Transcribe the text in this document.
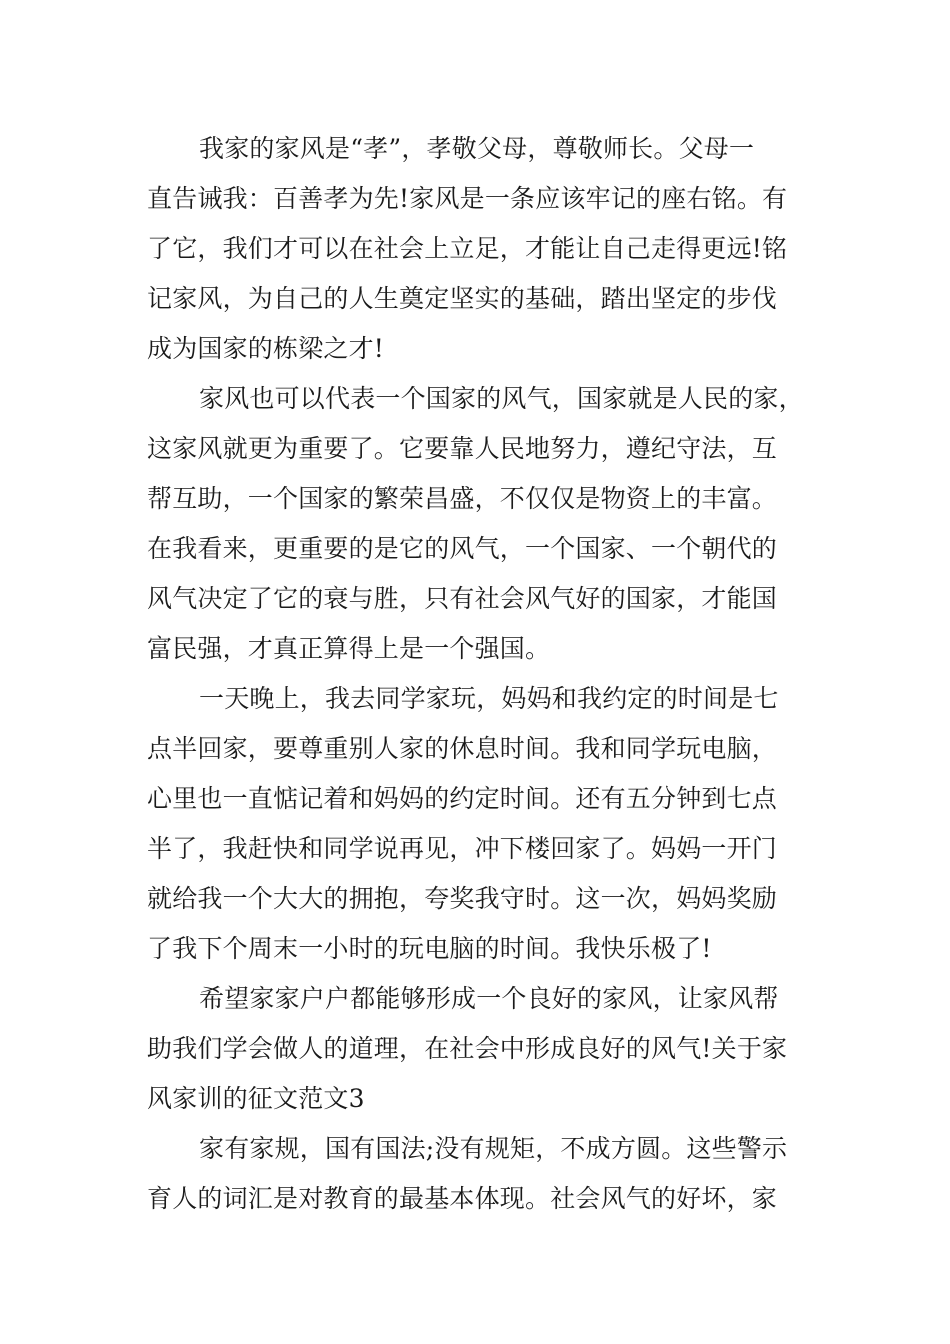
我家的家风是“孝”，孝敬父母，尊敬师长。父母一
直告诫我：百善孝为先!家风是一条应该牢记的座右铭。有
了它，我们才可以在社会上立足，才能让自己走得更远!铭
记家风，为自己的人生奠定坚实的基础，踏出坚定的步伐
成为国家的栋梁之才!
家风也可以代表一个国家的风气，国家就是人民的家，
这家风就更为重要了。它要靠人民地努力，遵纪守法，互
帮互助，一个国家的繁荣昌盛，不仅仅是物资上的丰富。
在我看来，更重要的是它的风气，一个国家、一个朝代的
风气决定了它的衰与胜，只有社会风气好的国家，才能国
富民强，才真正算得上是一个强国。
一天晚上，我去同学家玩，妈妈和我约定的时间是七
点半回家，要尊重别人家的休息时间。我和同学玩电脑，
心里也一直惦记着和妈妈的约定时间。还有五分钟到七点
半了，我赶快和同学说再见，冲下楼回家了。妈妈一开门
就给我一个大大的拥抱，夸奖我守时。这一次，妈妈奖励
了我下个周末一小时的玩电脑的时间。我快乐极了!
希望家家户户都能够形成一个良好的家风，让家风帮
助我们学会做人的道理，在社会中形成良好的风气!关于家
风家训的征文范文3
家有家规，国有国法;没有规矩，不成方圆。这些警示
育人的词汇是对教育的最基本体现。社会风气的好坏，家
